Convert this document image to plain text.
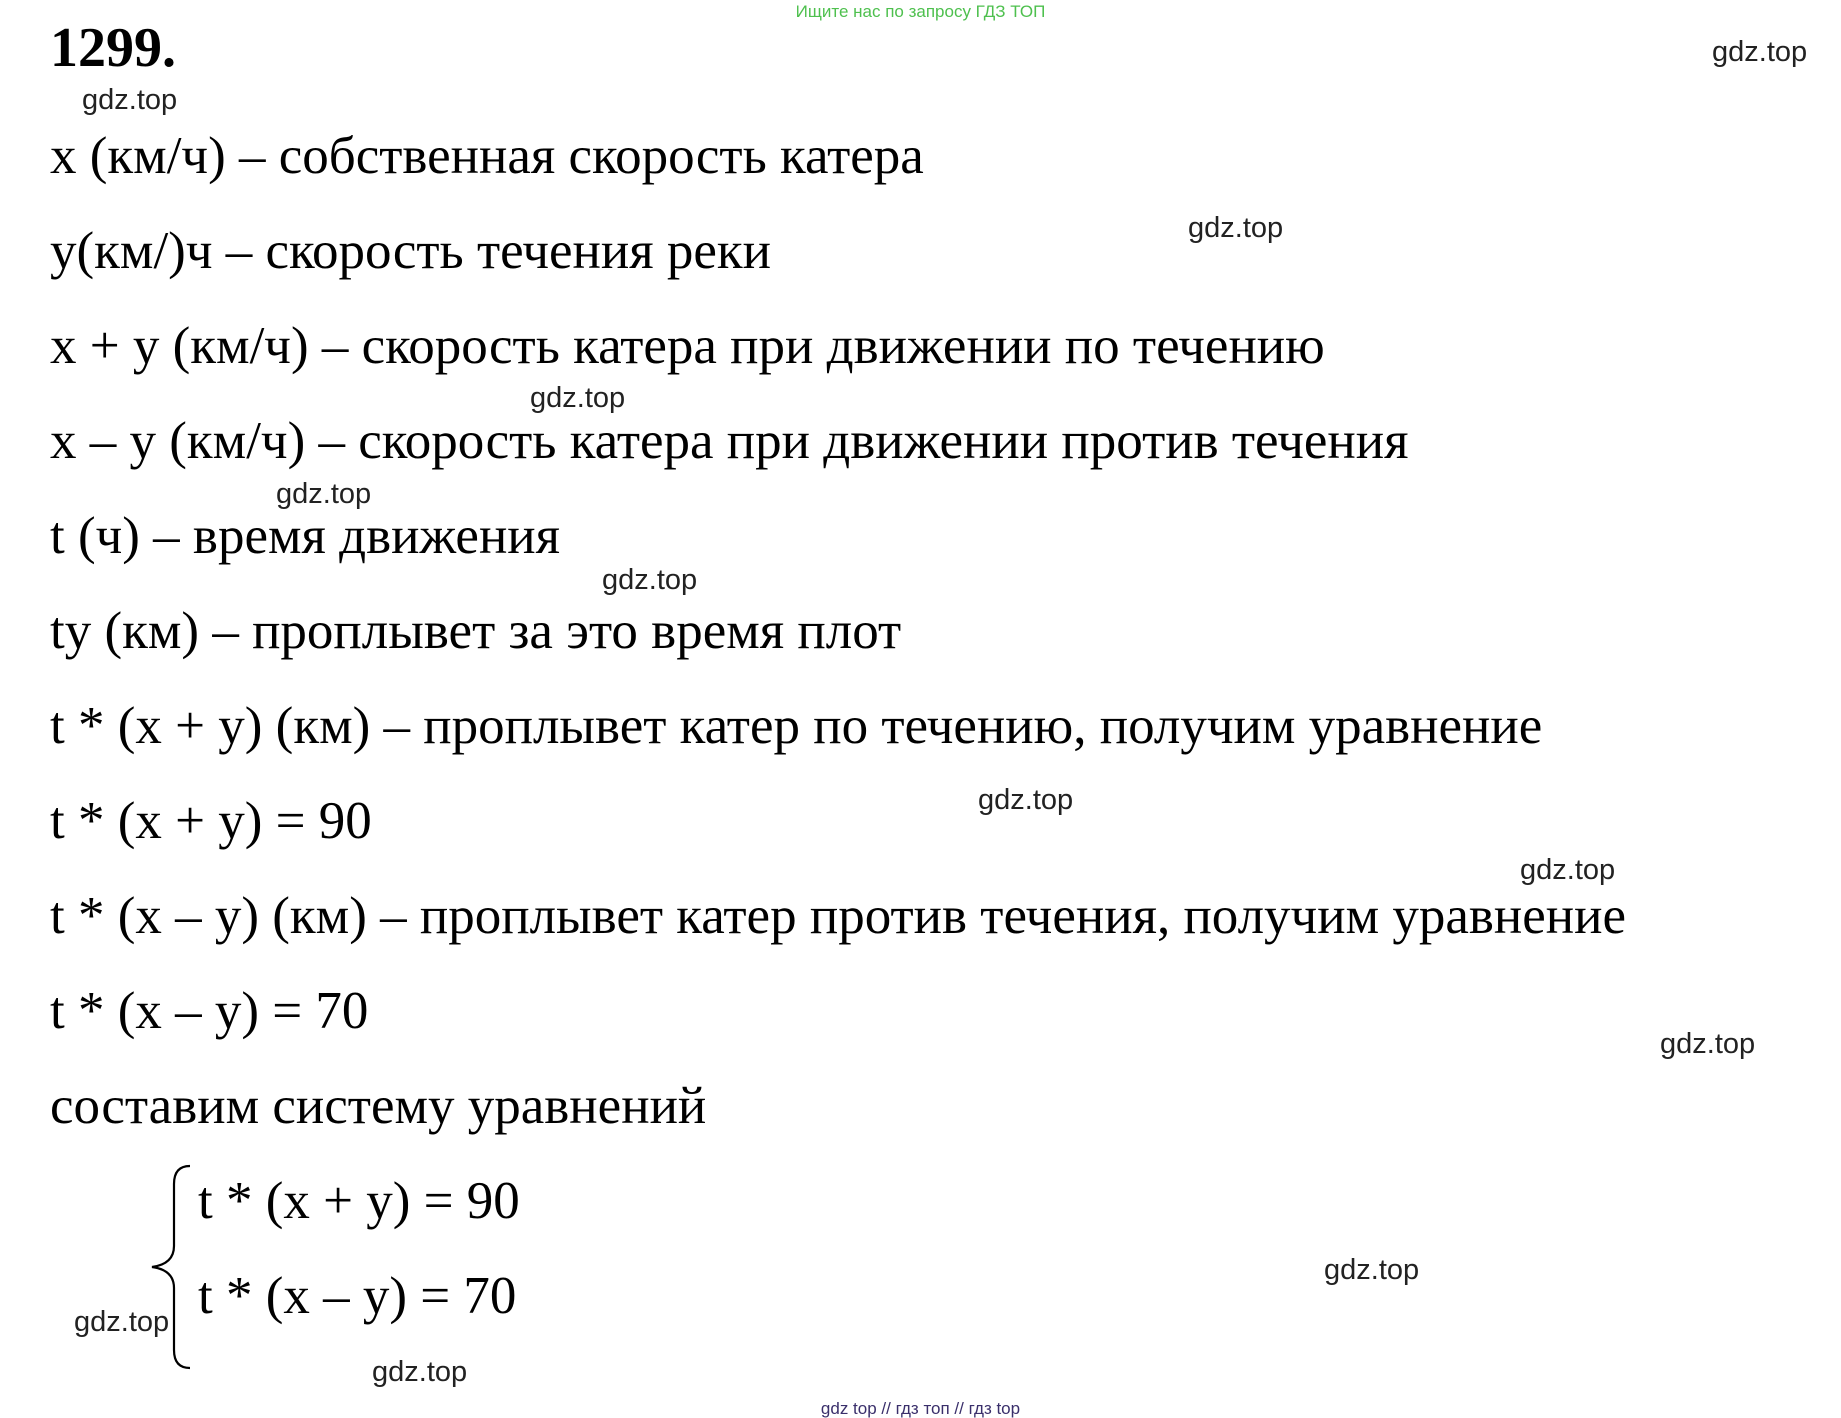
Ищите нас по запросу ГДЗ ТОП
1299.
x (км/ч) – собственная скорость катера
y(км/)ч – скорость течения реки
x + y (км/ч) – скорость катера при движении по течению
x – y (км/ч) – скорость катера при движении против течения
t (ч) – время движения
ty (км) – проплывет за это время плот
t * (x + y) (км) – проплывет катер по течению, получим уравнение
t * (x + y) = 90
t * (x – y) (км) – проплывет катер против течения, получим уравнение
t * (x – y) = 70
составим систему уравнений
t * (x + y) = 90
t * (x – y) = 70
gdz.top
gdz.top
gdz.top
gdz.top
gdz.top
gdz.top
gdz.top
gdz.top
gdz.top
gdz.top
gdz.top
gdz.top
gdz top // гдз топ // гдз top
